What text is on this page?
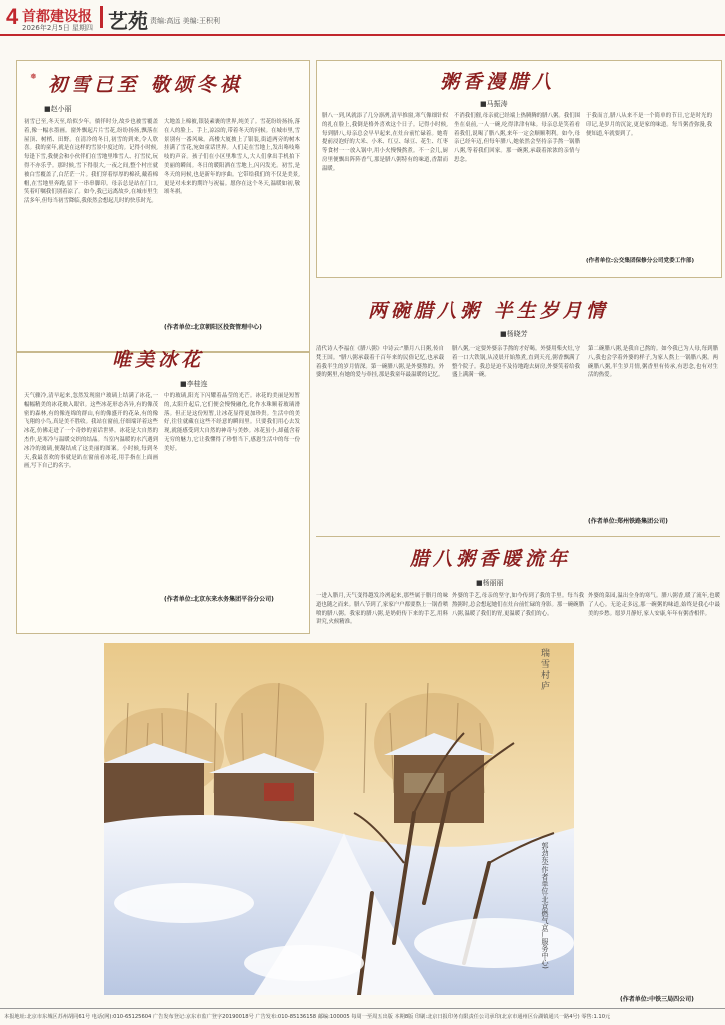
4 首都建设报
2026年2月5日 星期四 艺苑 责编:高远 美编:王积利
❅ 初雪已至 敬颂冬祺
■赵小丽
初雪已至,冬天至,给似少年。徜徉时分,故乡也被雪覆盖着,像一幅水墨画。窗外飘起片片雪花,纷纷扬扬,飘落在屋顶、树梢、田野。在清冷的冬日,初雪的到来,令人欣喜。我的童年,就是在这样的雪景中度过的。记得小时候,每逢下雪,我便会和小伙伴们在雪地里堆雪人、打雪仗,玩得不亦乐乎。那时候,雪下得很大,一夜之间,整个村庄就被白雪覆盖了,白茫茫一片。我们穿着厚厚的棉袄,戴着棉帽,在雪地里奔跑,留下一串串脚印。母亲总是站在门口,笑着叮嘱我们别着凉了。如今,我已远离故乡,在城市里生活多年,但每当初雪降临,我依然会想起儿时的快乐时光。
大地盖上棉被,银装素裹的世界,纯美了。雪花纷纷扬扬,落在人的脸上、手上,凉凉的,带着冬天的问候。在城市里,雪景别有一番风味。高楼大厦披上了银装,街道两旁的树木挂满了雪花,宛如童话世界。人们走在雪地上,发出咯吱咯吱的声音。孩子们在小区里堆雪人,大人们拿出手机拍下美丽的瞬间。冬日的暖阳洒在雪地上,闪闪发光。初雪,是冬天的问候,也是新年的序曲。它带给我们的不仅是美景,更是对未来的期许与祝福。愿你在这个冬天,温暖如初,敬颂冬祺。
(作者单位:北京朝阳区投资管理中心)
唯美冰花
■李桂连
天气骤冷,清早起来,忽然发现窗户玻璃上结满了冰花,一幅幅精美的冰花映入眼帘。这些冰花形态各异,有的像茂密的森林,有的像连绵的群山,有的像盛开的花朵,有的像飞翔的小鸟,真是美不胜收。我站在窗前,仔细端详着这些冰花,仿佛走进了一个奇妙的童话世界。冰花是大自然的杰作,是寒冷与温暖交织的结晶。当室内温暖的水汽遇到冰冷的玻璃,便凝结成了这美丽的图案。小时候,每到冬天,我最喜欢的事就是趴在窗前看冰花,用手指在上面画画,写下自己的名字。
中的玻璃,阳光下闪耀着晶莹的光芒。冰花的美丽是短暂的,太阳升起后,它们便会慢慢融化,化作水珠顺着玻璃滑落。但正是这份短暂,让冰花显得更加珍贵。生活中的美好,往往就藏在这些不经意的瞬间里。只要我们用心去发现,就能感受到大自然的神奇与美妙。冰花虽小,却蕴含着无穷的魅力,它让我懂得了珍惜当下,感恩生活中的每一份美好。
(作者单位:北京东来水务集团平谷分公司)
粥香漫腊八
■马振涛
腊八一到,风就添了几分凛冽,清早推窗,寒气像细针似的扎在脸上,我倒是格外喜欢这个日子。记得小时候,每到腊八,母亲总会早早起来,在灶台前忙碌着。她将提前浸泡好的大米、小米、红豆、绿豆、花生、红枣等食材一一放入锅中,用小火慢慢熬煮。不一会儿,厨房里便飘出阵阵香气,那是腊八粥特有的味道,香甜而温暖。
不消我们催,母亲就已经端上热腾腾的腊八粥。我们围坐在桌前,一人一碗,吃得津津有味。母亲总是笑着看着我们,说喝了腊八粥,来年一定会顺顺利利。如今,母亲已经年迈,但每年腊八,她依然会坚持亲手熬一锅腊八粥,等着我们回家。那一碗粥,承载着浓浓的亲情与思念。
于我而言,腊八从来不是一个简单的节日,它是时光的印记,是岁月的沉淀,更是家的味道。每当粥香弥漫,我便知道,年就要到了。
(作者单位:公交集团保修分公司党委工作部)
两碗腊八粥 半生岁月情
■杨晓芳
清代诗人李福在《腊八粥》中诗云:"腊月八日粥,传自梵王国。"腊八粥承载着千百年来的民俗记忆,也承载着我半生的岁月情深。第一碗腊八粥,是外婆熬的。外婆的粥里,有她的爱与牵挂,那是我童年最温暖的记忆。
腊八粥,一定要外婆亲手熬的才好喝。外婆用柴火灶,守着一口大铁锅,从凌晨开始熬煮,直到天亮,粥香飘满了整个院子。我总是迫不及待地跑去厨房,外婆笑着给我盛上满满一碗。
第二碗腊八粥,是我自己熬的。如今我已为人母,每到腊八,我也会学着外婆的样子,为家人熬上一锅腊八粥。两碗腊八粥,半生岁月情,粥香里有传承,有思念,也有对生活的热爱。
(作者单位:郑州铁路集团公司)
腊八粥香暖流年
■杨丽丽
一进入腊月,天气变得越发冷冽起来,那些属于腊月的味道也随之而来。腊八节到了,家家户户都要熬上一锅香喷喷的腊八粥。我家的腊八粥,是奶奶传下来的手艺,用料讲究,火候精准。
外婆的手艺,母亲的坚守,如今传到了我的手里。每当我熬粥时,总会想起她们在灶台前忙碌的身影。那一碗碗腊八粥,温暖了我们的胃,更温暖了我们的心。
外婆的菜园,温出全身的寒气。腊八粥香,暖了流年,也暖了人心。无论走多远,那一碗粥的味道,始终是我心中最美的乡愁。愿岁月静好,家人安康,年年有粥香相伴。
(作者单位:中铁三局四公司)
瑞雪村庐
郭劲东(作者单位:北京燃气京厂服务中心)
本报地址:北京市东城区苏州胡同61号 电话(网):010-65125604 广告发布登记:京东市监广登字20190018号 广告发布:010-85136158 邮编:100005 每周一至周五出版 本期8版 印刷:北京日报印务有限责任公司承印(北京市通州区台湖镇通兴一路4号) 零售:1.10元
